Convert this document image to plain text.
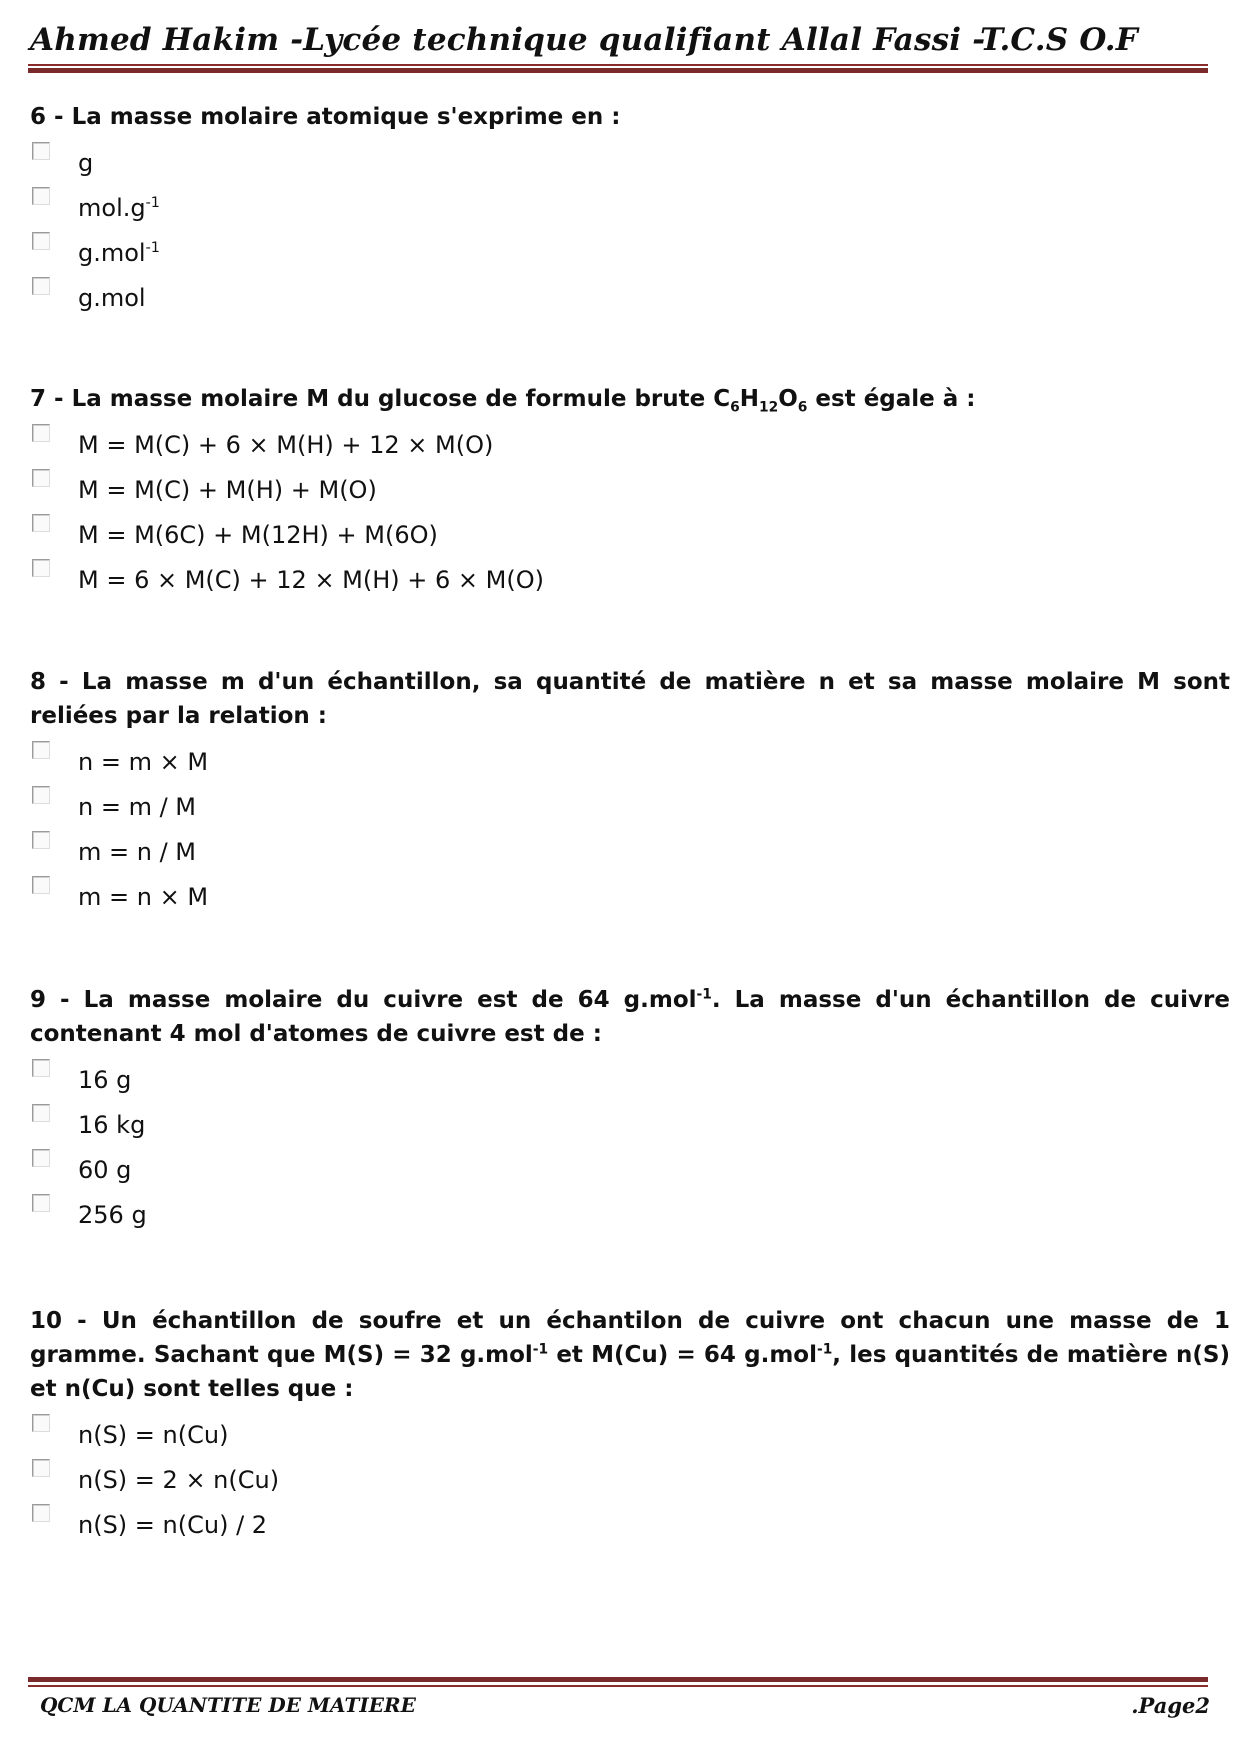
Ahmed Hakim -Lycée technique qualifiant Allal Fassi -T.C.S O.F
6 - La masse molaire atomique s'exprime en :
g
$mol.g^{-1}$
g.mol$^{-1}$
g.mol
7 - La masse molaire M du glucose de formule brute $C_6H_{12}O_6$ est égale à :
M = M(C) + 6 × M(H) + 12 × M(O)
M = M(C) + M(H) + M(O)
M = M(6C) + M(12H) + M(6O)
M = 6 × M(C) + 12 × M(H) + 6 × M(O)
8 - La masse m d'un échantillon, sa quantité de matière n et sa masse molaire M sont reliées par la relation :
n = m × M
n = m / M
m = n / M
m = n × M
9 - La masse molaire du cuivre est de 64 g.mol$^{-1}$. La masse d'un échantillon de cuivre contenant 4 mol d'atomes de cuivre est de :
16 g
16 kg
60 g
256 g
10 - Un échantillon de soufre et un échantilon de cuivre ont chacun une masse de 1 gramme. Sachant que M(S) = 32 g.mol$^{-1}$ et M(Cu) = 64 g.mol$^{-1}$, les quantités de matière n(S) et n(Cu) sont telles que :
n(S) = n(Cu)
n(S) = 2 × n(Cu)
n(S) = n(Cu) / 2
QCM LA QUANTITE DE MATIERE	.Page2
